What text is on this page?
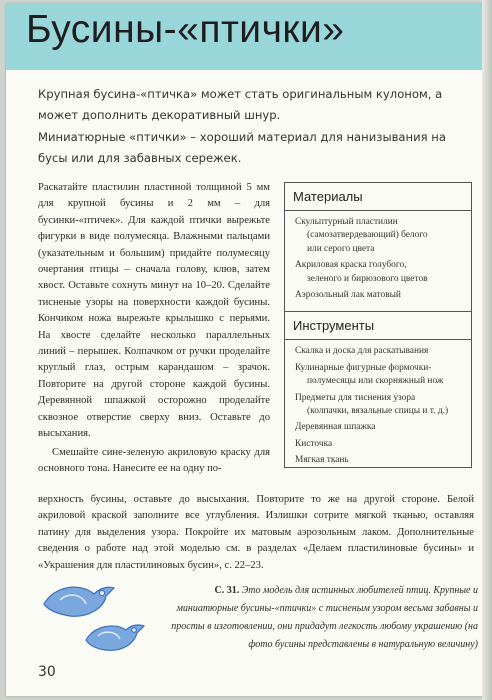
Бусины-«птички»

Крупная бусина-«птичка» может стать оригинальным кулоном, а может дополнить декоративный шнур.

Миниатюрные «птички» – хороший материал для нанизывания на бусы или для забавных сережек.

Раскатайте пластилин пластиной толщиной 5 мм для крупной бусины и 2 мм – для бусинки-«птичек». Для каждой птички вырежьте фигурки в виде полумесяца. Влажными пальцами (указательным и большим) придайте полумесяцу очертания птицы – сначала голову, клюв, затем хвост. Оставьте сохнуть минут на 10–20. Сделайте тисненые узоры на поверхности каждой бусины. Кончиком ножа вырежьте крылышко с перьями. На хвосте сделайте несколько параллельных линий – перышек. Колпачком от ручки проделайте круглый глаз, острым карандашом – зрачок. Повторите на другой стороне каждой бусины. Деревянной шпажкой осторожно проделайте сквозное отверстие сверху вниз. Оставьте до высыхания.

Смешайте сине-зеленую акриловую краску для основного тона. Нанесите ее на одну по-

верхность бусины, оставьте до высыхания. Повторите то же на другой стороне. Белой акриловой краской заполните все углубления. Излишки сотрите мягкой тканью, оставляя патину для выделения узора. Покройте их матовым аэрозольным лаком. Дополнительные сведения о работе над этой моделью см. в разделах «Делаем пластилиновые бусины» и «Украшения для пластилиновых бусин», с. 22–23.
Материалы
Скульптурный пластилин
(самозатвердевающий) белого
или серого цвета
Акриловая краска голубого,
зеленого и бирюзового цветов
Аэрозольный лак матовый
Инструменты
Скалка и доска для раскатывания
Кулинарные фигурные формочки-
полумесяцы или скорняжный нож
Предметы для тиснения узора
(колпачки, вязальные спицы и т. д.)
Деревянная шпажка
Кисточка
Мягкая ткань
С. 31. Это модель для истинных любителей птиц. Крупные и миниатюрные бусины-«птички» с тисненым узором весьма забавны и просты в изготовлении, они придадут легкость любому украшению (на фото бусины представлены в натуральную величину)
30
